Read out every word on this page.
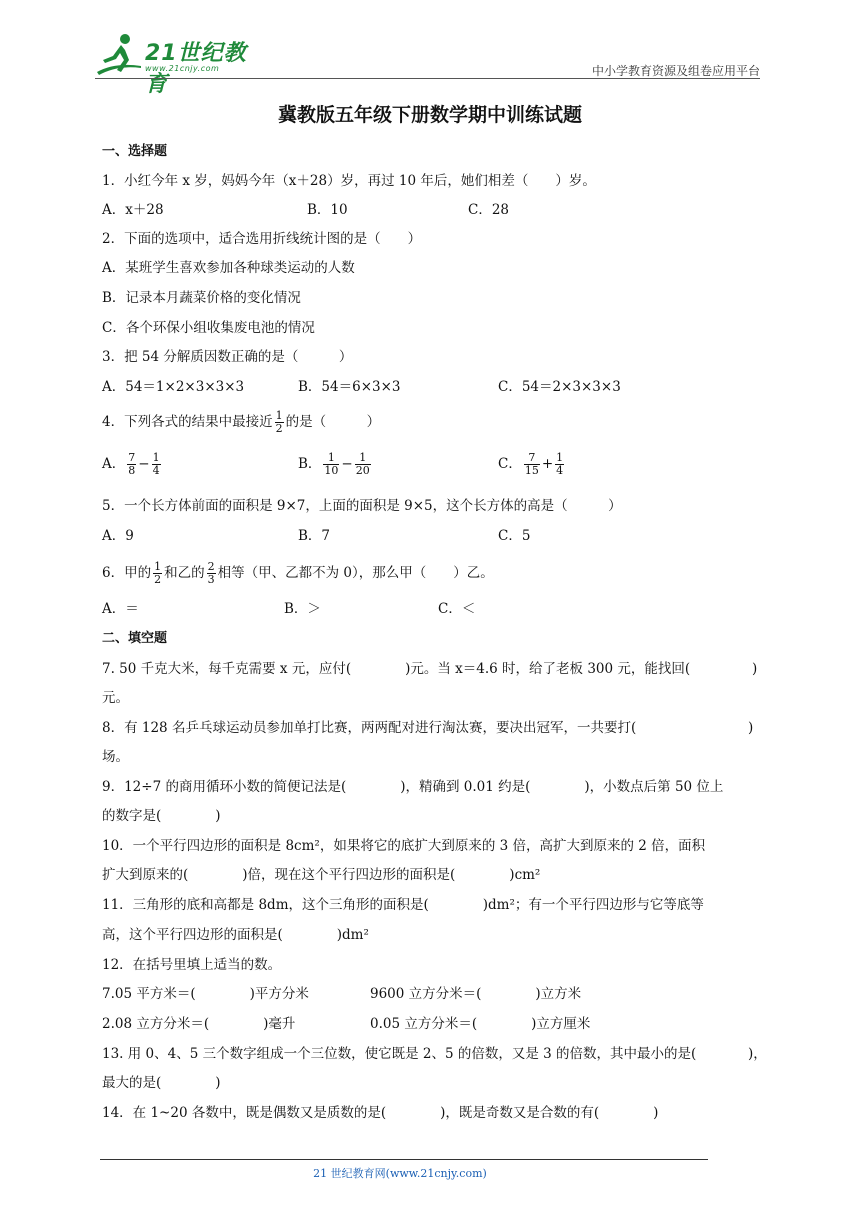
21世纪教育
www.21cnjy.com	中小学教育资源及组卷应用平台
冀教版五年级下册数学期中训练试题
一、选择题
1．小红今年 x 岁，妈妈今年（x＋28）岁，再过 10 年后，她们相差（　　）岁。
A．x＋28	B．10	C．28
2．下面的选项中，适合选用折线统计图的是（　　）
A．某班学生喜欢参加各种球类运动的人数
B．记录本月蔬菜价格的变化情况
C．各个环保小组收集废电池的情况
3．把 54 分解质因数正确的是（　　　）
A．54＝1×2×3×3×3	B．54＝6×3×3	C．54＝2×3×3×3
4．下列各式的结果中最接近 $\frac{1}{2}$ 的是（　　　）
A． $\frac{7}{8} - \frac{1}{4}$	B． $\frac{1}{10} - \frac{1}{20}$	C． $\frac{7}{15} + \frac{1}{4}$
5．一个长方体前面的面积是 9×7，上面的面积是 9×5，这个长方体的高是（　　　）
A．9	B．7	C．5
6．甲的 $\frac{1}{2}$ 和乙的 $\frac{2}{3}$ 相等（甲、乙都不为 0），那么甲（　　）乙。
A．＝	B．＞	C．＜
二、填空题
7. 50 千克大米，每千克需要 x 元，应付(　　　　)元。当 x＝4.6 时，给了老板 300 元，能找回(	)
元。
8．有 128 名乒乓球运动员参加单打比赛，两两配对进行淘汰赛，要决出冠军，一共要打(	)
场。
9．12÷7 的商用循环小数的简便记法是(　　　　)，精确到 0.01 约是(　　　　)，小数点后第 50 位上
的数字是(　　　　)
10．一个平行四边形的面积是 8cm²，如果将它的底扩大到原来的 3 倍，高扩大到原来的 2 倍，面积
扩大到原来的(　　　　)倍，现在这个平行四边形的面积是(　　　　)cm²
11．三角形的底和高都是 8dm，这个三角形的面积是(　　　　)dm²；有一个平行四边形与它等底等
高，这个平行四边形的面积是(　　　　)dm²
12．在括号里填上适当的数。
7.05 平方米＝(　　　　)平方分米	9600 立方分米＝(　　　　)立方米
2.08 立方分米＝(　　　　)毫升	0.05 立方分米＝(　　　　)立方厘米
13. 用 0、4、5 三个数字组成一个三位数，使它既是 2、5 的倍数，又是 3 的倍数，其中最小的是(	)，
最大的是(　　　　)
14．在 1~20 各数中，既是偶数又是质数的是(　　　　)，既是奇数又是合数的有(　　　　)
21 世纪教育网(www.21cnjy.com)
